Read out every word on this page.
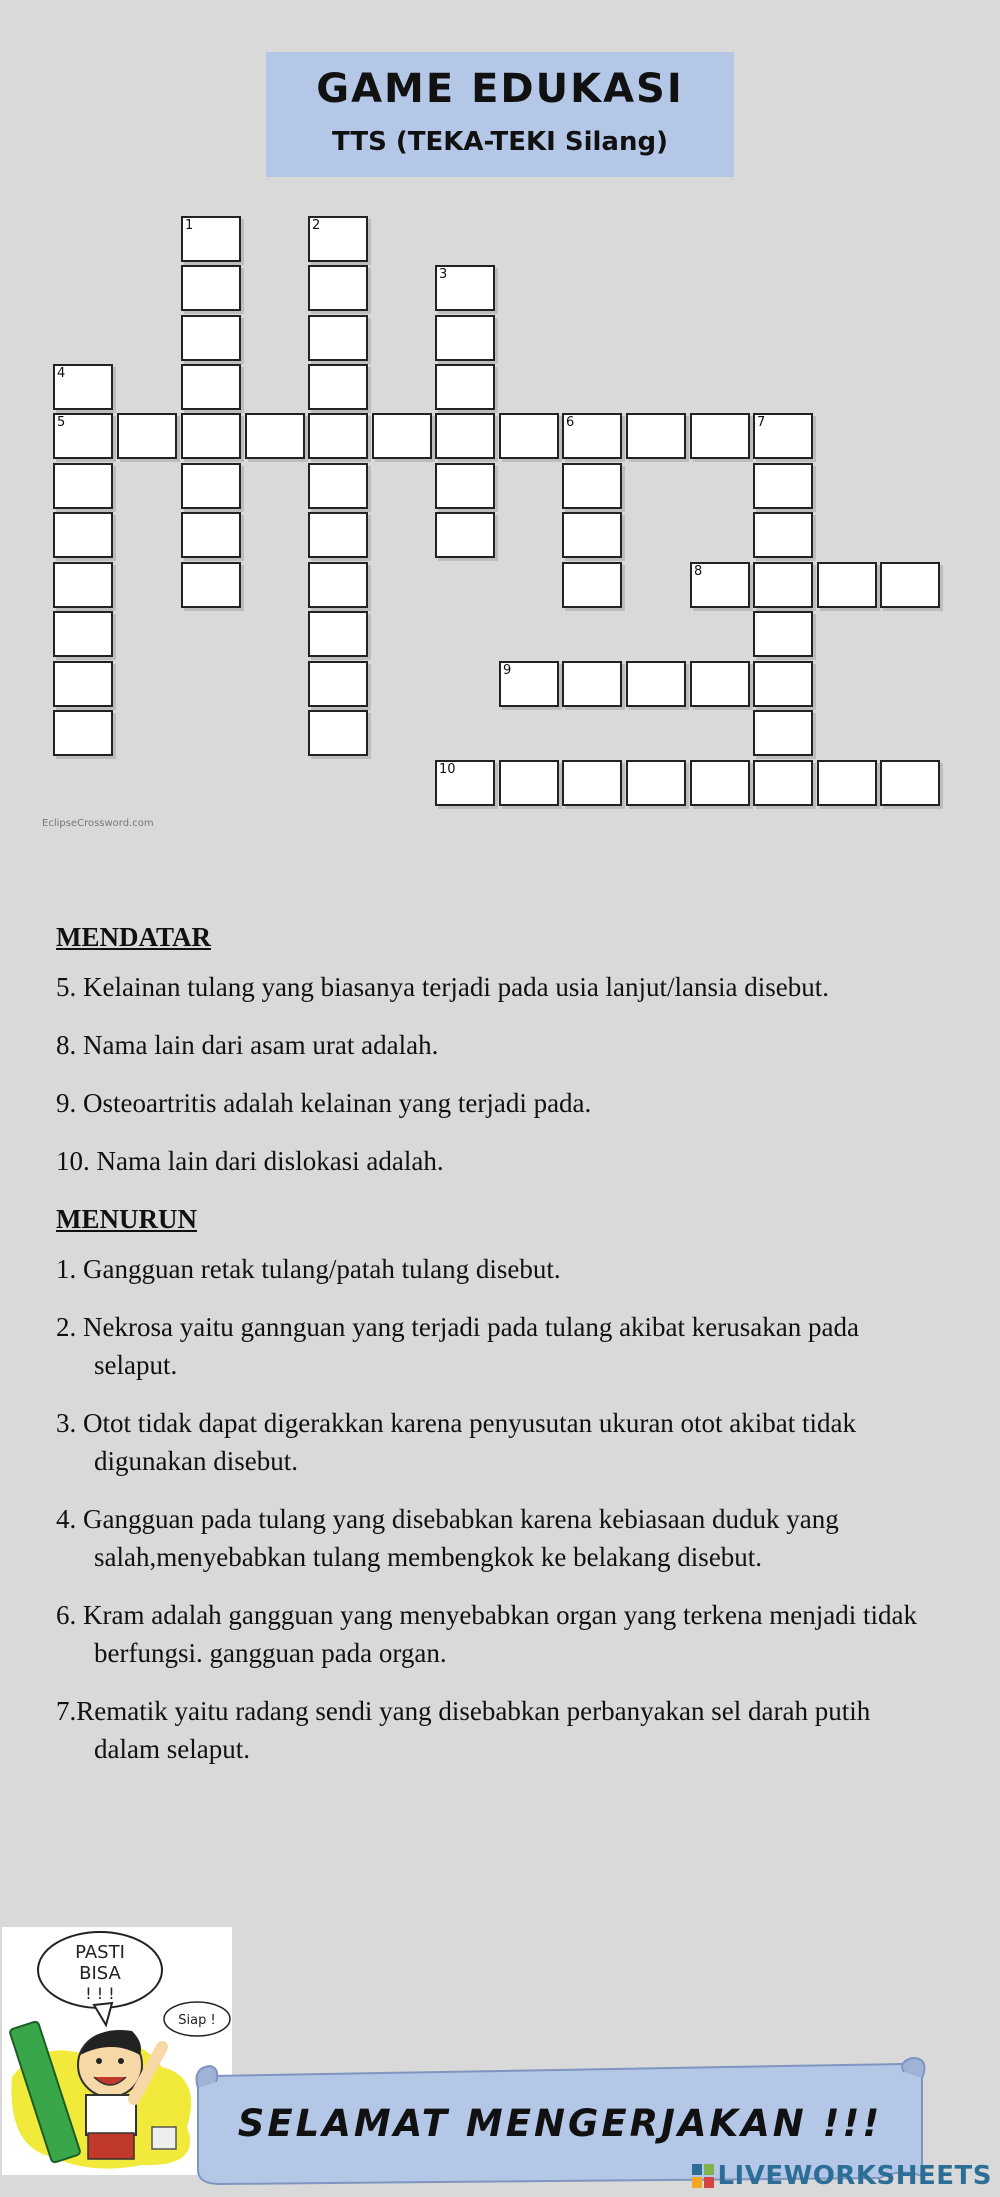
GAME EDUKASI
TTS (TEKA-TEKI Silang)
1	2
3
4
5	6	7
8
9
10
EclipseCrossword.com
MENDATAR
5. Kelainan tulang yang biasanya terjadi pada usia lanjut/lansia disebut.
8. Nama lain dari asam urat adalah.
9. Osteoartritis adalah kelainan yang terjadi pada.
10. Nama lain dari dislokasi adalah.
MENURUN
1. Gangguan retak tulang/patah tulang disebut.
2. Nekrosa yaitu gannguan yang terjadi pada tulang akibat kerusakan pada selaput.
3. Otot tidak dapat digerakkan karena penyusutan ukuran otot akibat tidak digunakan disebut.
4. Gangguan pada tulang yang disebabkan karena kebiasaan duduk yang salah,menyebabkan tulang membengkok ke belakang disebut.
6. Kram adalah gangguan yang menyebabkan organ yang terkena menjadi tidak berfungsi. gangguan pada organ.
7.Rematik yaitu radang sendi yang disebabkan perbanyakan sel darah putih dalam selaput.
PASTI
BISA
! ! !
Siap !
SELAMAT MENGERJAKAN !!!
LIVEWORKSHEETS
